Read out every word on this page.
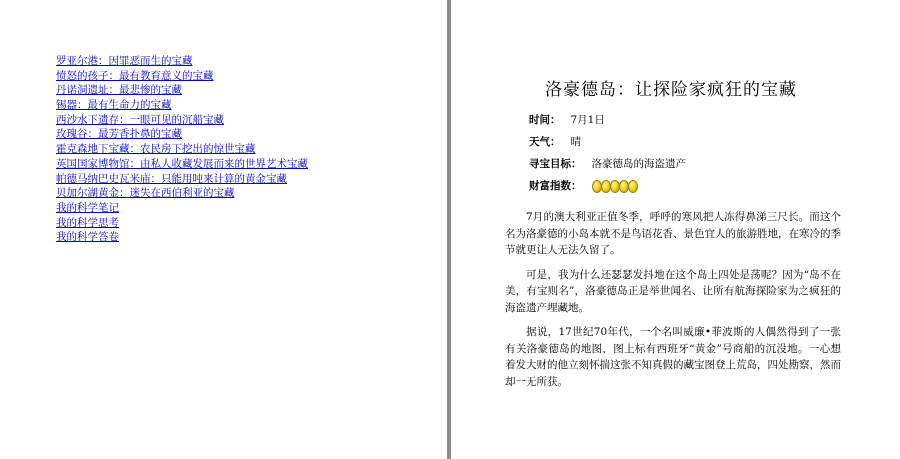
罗亚尔港：因罪恶而生的宝藏
愤怒的孩子：最有教育意义的宝藏
丹诺洞遗址：最悲惨的宝藏
锡器：最有生命力的宝藏
西沙水下遗存：一眼可见的沉船宝藏
玫瑰谷：最芳香扑鼻的宝藏
霍克森地下宝藏：农民房下挖出的惊世宝藏
英国国家博物馆：由私人收藏发展而来的世界艺术宝藏
帕德马纳巴史瓦米庙：只能用吨来计算的黄金宝藏
贝加尔湖黄金：迷失在西伯利亚的宝藏
我的科学笔记
我的科学思考
我的科学答卷
洛豪德岛：让探险家疯狂的宝藏
时间： 7月1日
天气： 晴
寻宝目标： 洛豪德岛的海盗遗产
财富指数：

7月的澳大利亚正值冬季，呼呼的寒风把人冻得鼻涕三尺长。而这个名为洛豪德的小岛本就不是鸟语花香、景色宜人的旅游胜地，在寒冷的季节就更让人无法久留了。

可是，我为什么还瑟瑟发抖地在这个岛上四处是荡呢？因为“岛不在美，有宝则名”，洛豪德岛正是举世闻名、让所有航海探险家为之疯狂的海盗遗产埋藏地。

据说，17世纪70年代，一个名叫威廉•菲波斯的人偶然得到了一张有关洛豪德岛的地图，图上标有西班牙“黄金”号商船的沉没地。一心想着发大财的他立刻怀揣这张不知真假的藏宝图登上荒岛，四处勘察，然而却一无所获。
